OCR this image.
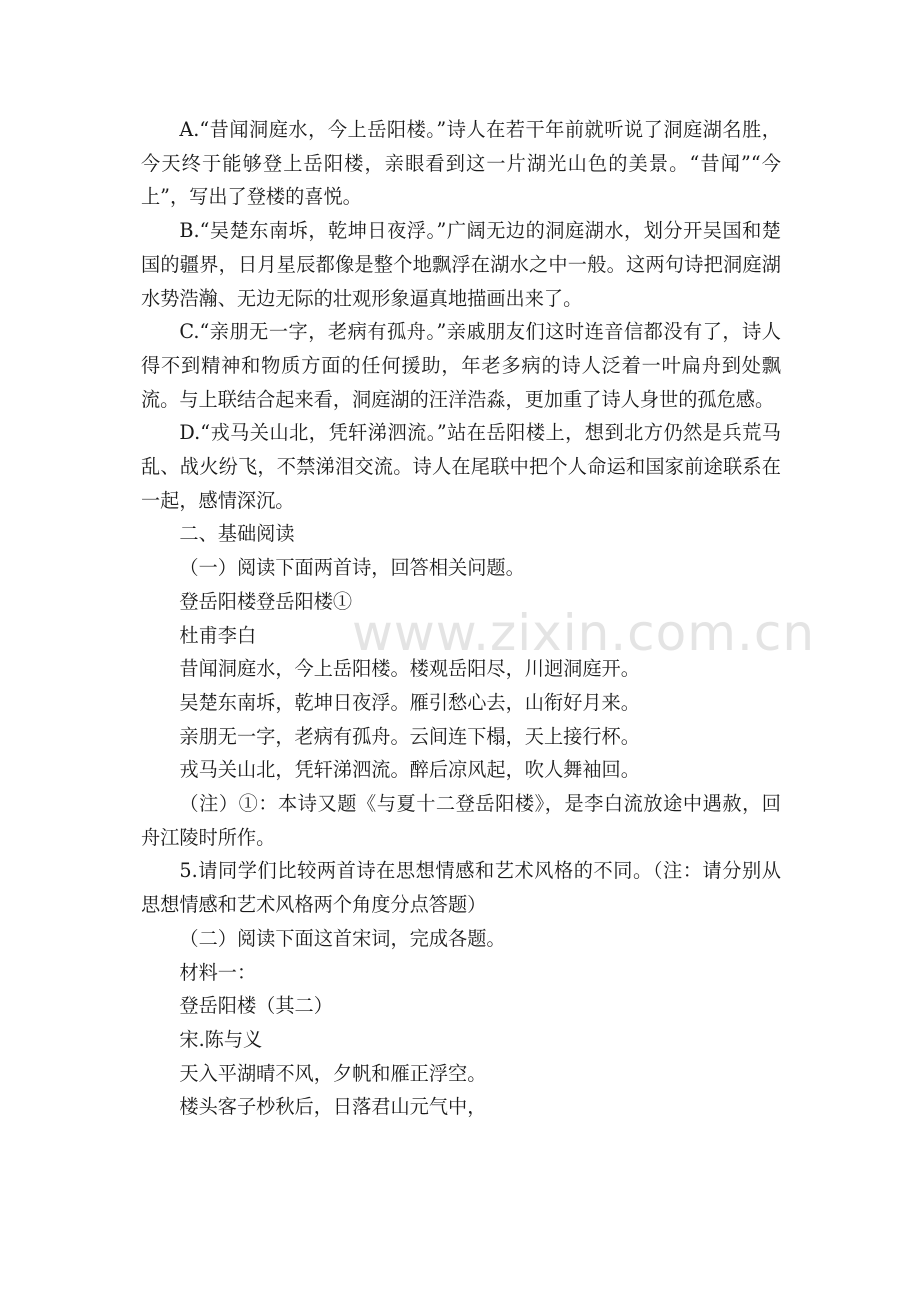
www.zixin.com.cn

A.“昔闻洞庭水，今上岳阳楼。”诗人在若干年前就听说了洞庭湖名胜，今天终于能够登上岳阳楼，亲眼看到这一片湖光山色的美景。“昔闻”“今上”，写出了登楼的喜悦。

B.“吴楚东南坼，乾坤日夜浮。”广阔无边的洞庭湖水，划分开吴国和楚国的疆界，日月星辰都像是整个地飘浮在湖水之中一般。这两句诗把洞庭湖水势浩瀚、无边无际的壮观形象逼真地描画出来了。

C.“亲朋无一字，老病有孤舟。”亲戚朋友们这时连音信都没有了，诗人得不到精神和物质方面的任何援助，年老多病的诗人泛着一叶扁舟到处飘流。与上联结合起来看，洞庭湖的汪洋浩淼，更加重了诗人身世的孤危感。

D.“戎马关山北，凭轩涕泗流。”站在岳阳楼上，想到北方仍然是兵荒马乱、战火纷飞，不禁涕泪交流。诗人在尾联中把个人命运和国家前途联系在一起，感情深沉。

二、基础阅读

（一）阅读下面两首诗，回答相关问题。

登岳阳楼登岳阳楼①

杜甫李白

昔闻洞庭水，今上岳阳楼。楼观岳阳尽，川迥洞庭开。

吴楚东南坼，乾坤日夜浮。雁引愁心去，山衔好月来。

亲朋无一字，老病有孤舟。云间连下榻，天上接行杯。

戎马关山北，凭轩涕泗流。醉后凉风起，吹人舞袖回。

（注）①：本诗又题《与夏十二登岳阳楼》，是李白流放途中遇赦，回舟江陵时所作。

5.请同学们比较两首诗在思想情感和艺术风格的不同。（注：请分别从思想情感和艺术风格两个角度分点答题）

（二）阅读下面这首宋词，完成各题。

材料一：

登岳阳楼（其二）

宋.陈与义

天入平湖晴不风，夕帆和雁正浮空。

楼头客子杪秋后，日落君山元气中，
